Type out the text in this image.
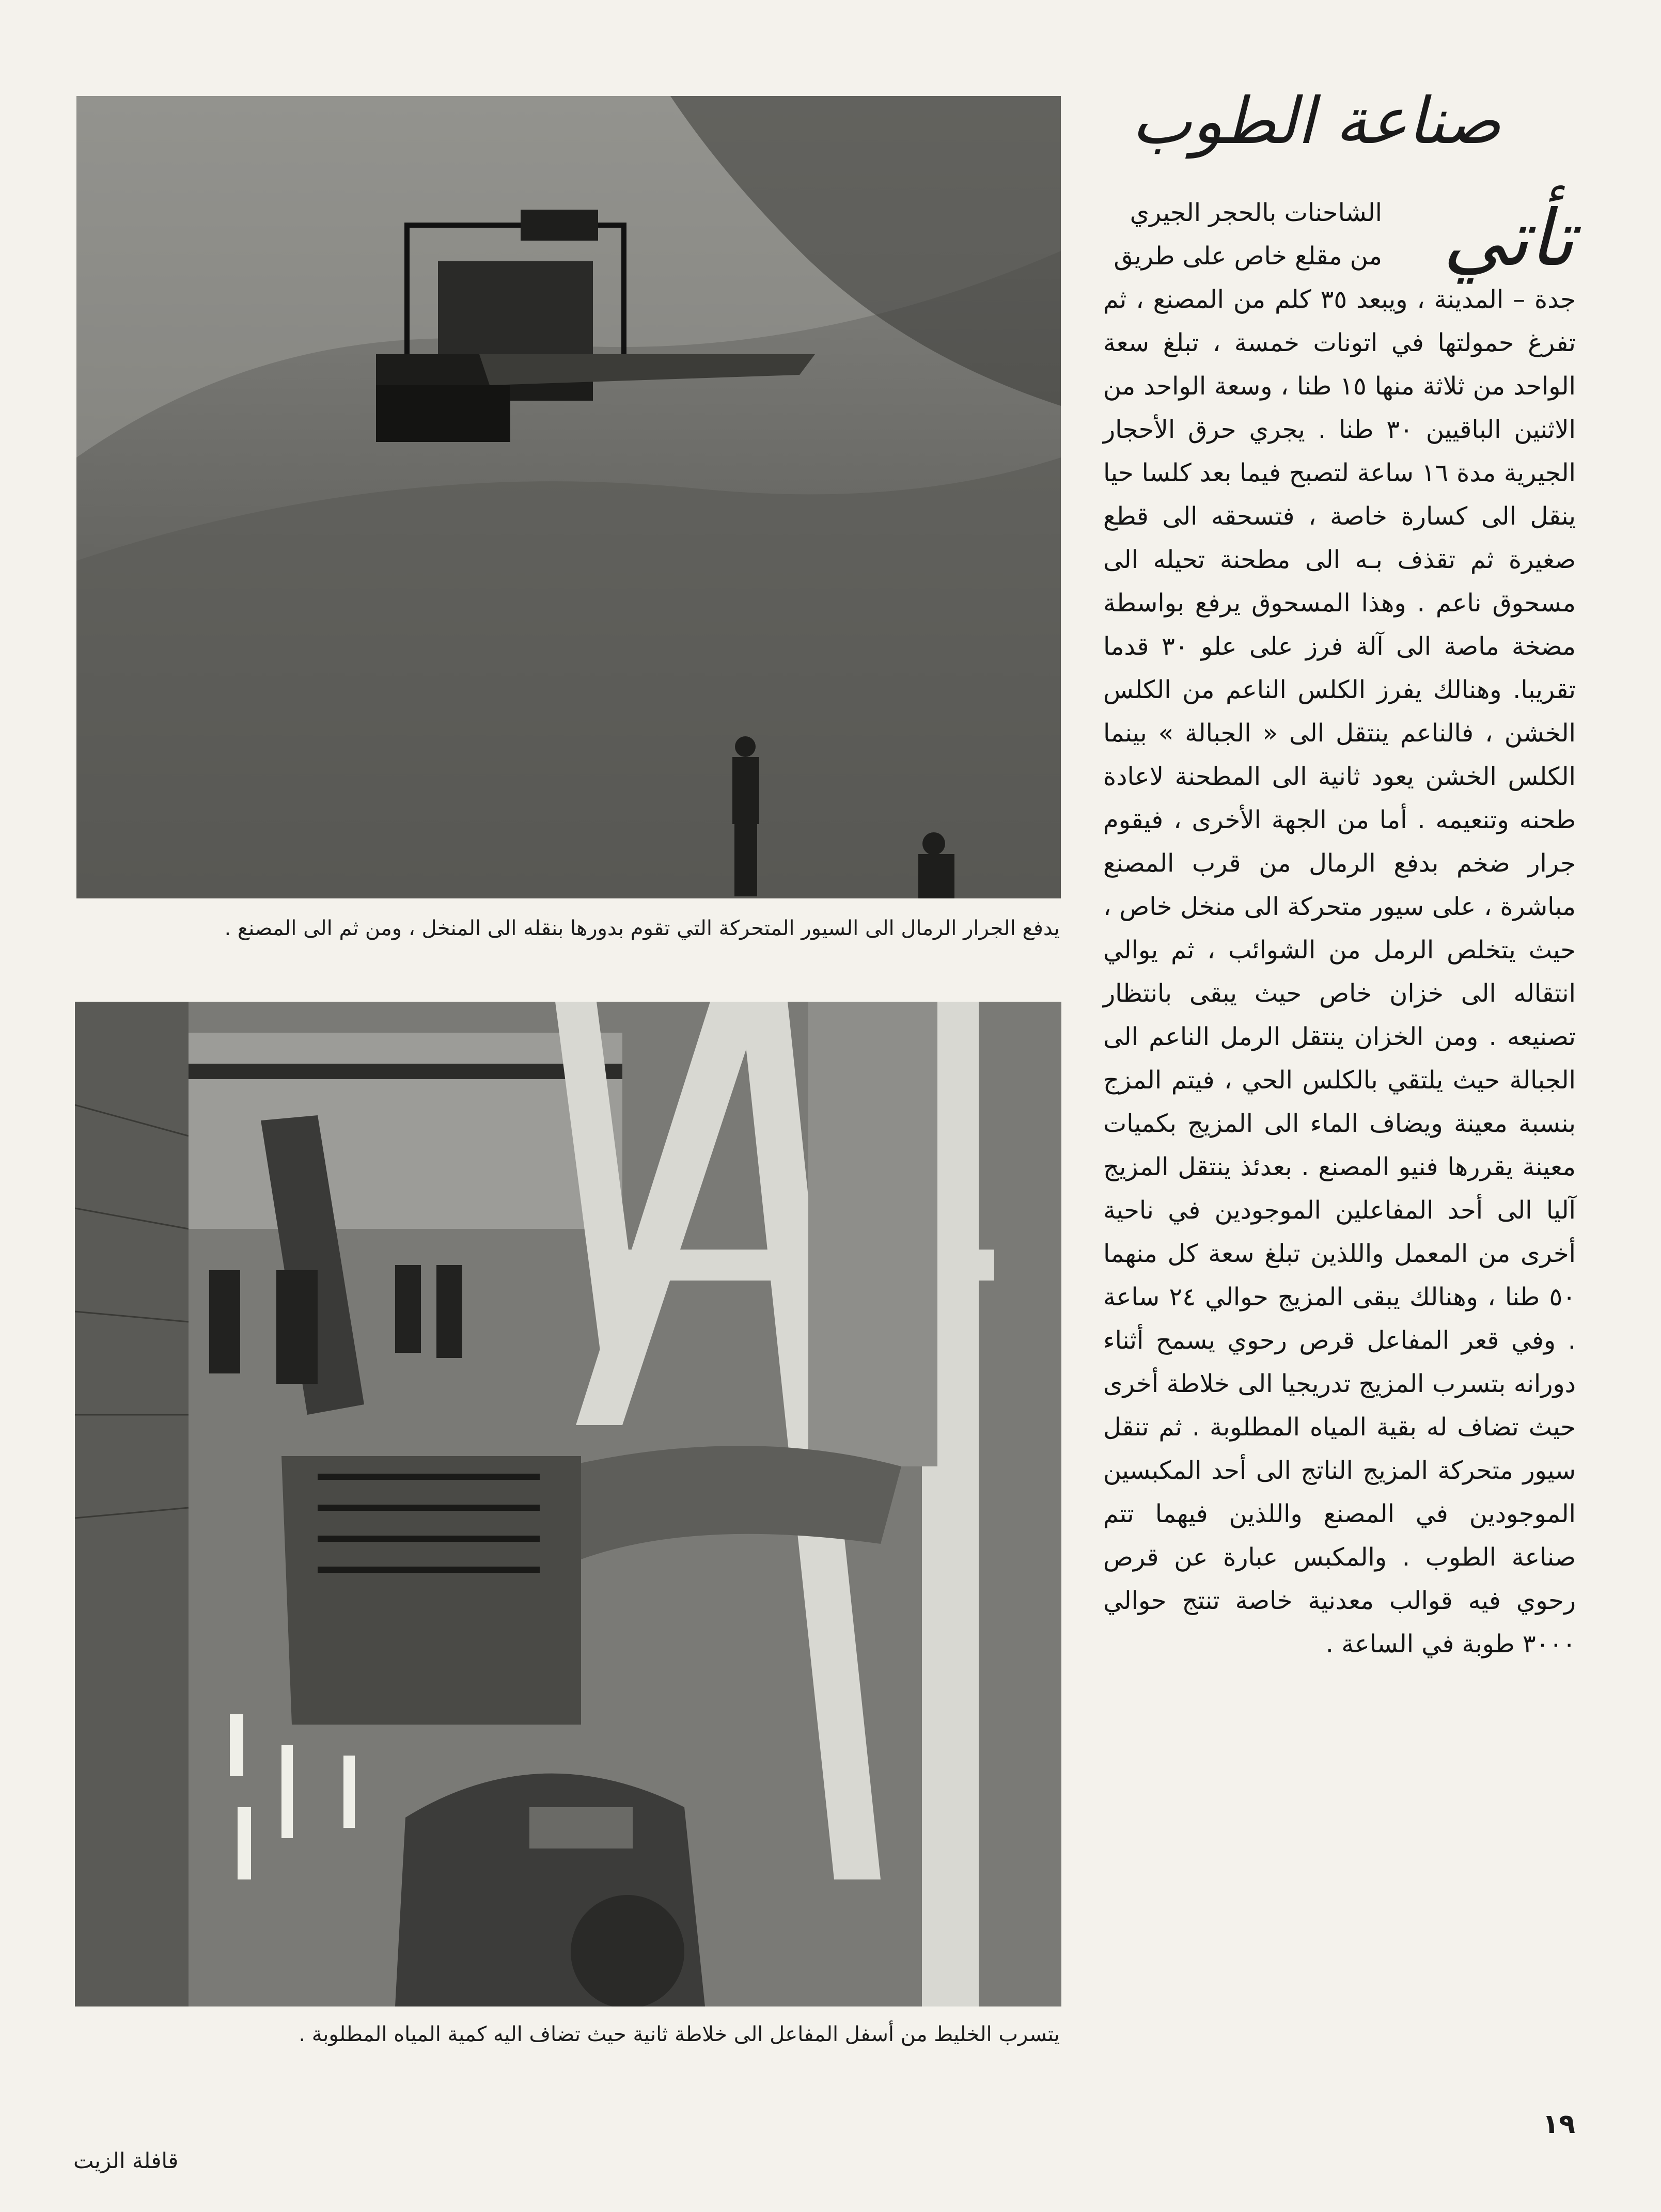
يدفع الجرار الرمال الى السيور المتحركة التي تقوم بدورها بنقله الى المنخل ، ومن ثم الى المصنع .
يتسرب الخليط من أسفل المفاعل الى خلاطة ثانية حيث تضاف اليه كمية المياه المطلوبة .
صناعة الطوب
تأتي
الشاحنات بالحجر الجيري من مقلع خاص على طريق
جدة – المدينة ، ويبعد ٣٥ كلم من المصنع ، ثم تفرغ حمولتها في اتونات خمسة ، تبلغ سعة الواحد من ثلاثة منها ١٥ طنا ، وسعة الواحد من الاثنين الباقيين ٣٠ طنا . يجري حرق الأحجار الجيرية مدة ١٦ ساعة لتصبح فيما بعد كلسا حيا ينقل الى كسارة خاصة ، فتسحقه الى قطع صغيرة ثم تقذف بـه الى مطحنة تحيله الى مسحوق ناعم . وهذا المسحوق يرفع بواسطة مضخة ماصة الى آلة فرز على علو ٣٠ قدما تقريبا. وهنالك يفرز الكلس الناعم من الكلس الخشن ، فالناعم ينتقل الى « الجبالة » بينما الكلس الخشن يعود ثانية الى المطحنة لاعادة طحنه وتنعيمه . أما من الجهة الأخرى ، فيقوم جرار ضخم بدفع الرمال من قرب المصنع مباشرة ، على سيور متحركة الى منخل خاص ، حيث يتخلص الرمل من الشوائب ، ثم يوالي انتقاله الى خزان خاص حيث يبقى بانتظار تصنيعه . ومن الخزان ينتقل الرمل الناعم الى الجبالة حيث يلتقي بالكلس الحي ، فيتم المزج بنسبة معينة ويضاف الماء الى المزيج بكميات معينة يقررها فنيو المصنع . بعدئذ ينتقل المزيج آليا الى أحد المفاعلين الموجودين في ناحية أخرى من المعمل واللذين تبلغ سعة كل منهما ٥٠ طنا ، وهنالك يبقى المزيج حوالي ٢٤ ساعة . وفي قعر المفاعل قرص رحوي يسمح أثناء دورانه بتسرب المزيج تدريجيا الى خلاطة أخرى حيث تضاف له بقية المياه المطلوبة . ثم تنقل سيور متحركة المزيج الناتج الى أحد المكبسين الموجودين في المصنع واللذين فيهما تتم صناعة الطوب . والمكبس عبارة عن قرص رحوي فيه قوالب معدنية خاصة تنتج حوالي ٣٠٠٠ طوبة في الساعة .
١٩
قافلة الزيت
